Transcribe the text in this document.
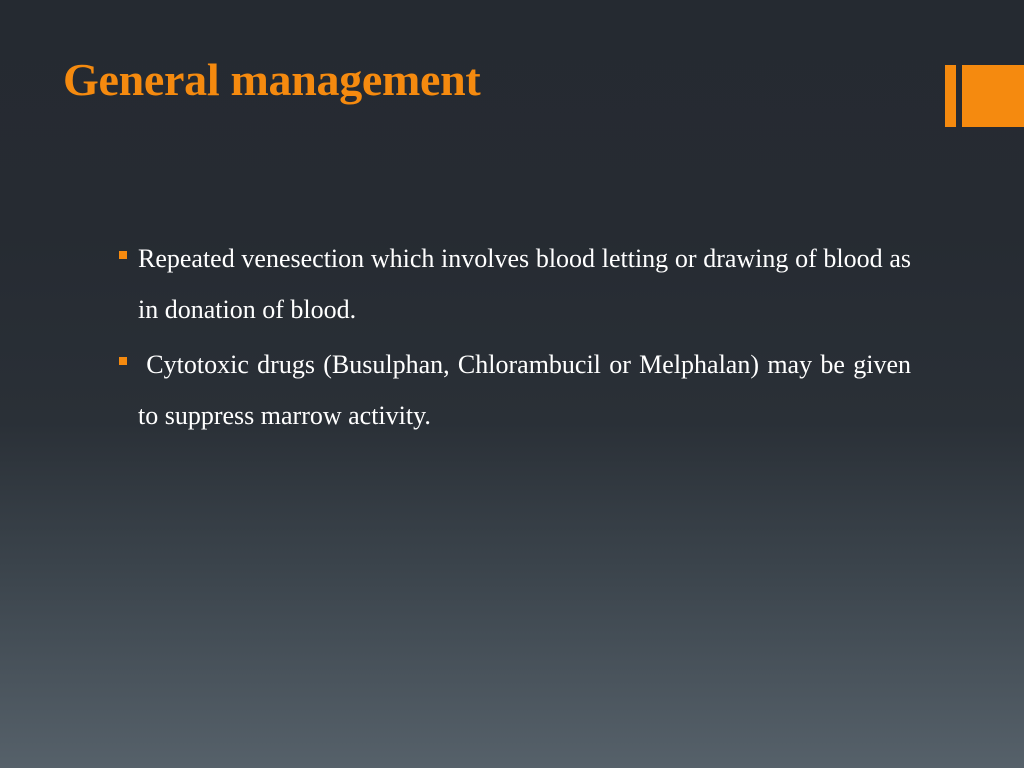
General management
Repeated venesection which involves blood letting or drawing of blood as in donation of blood.
Cytotoxic drugs (Busulphan, Chlorambucil or Melphalan) may be given to suppress marrow activity.
